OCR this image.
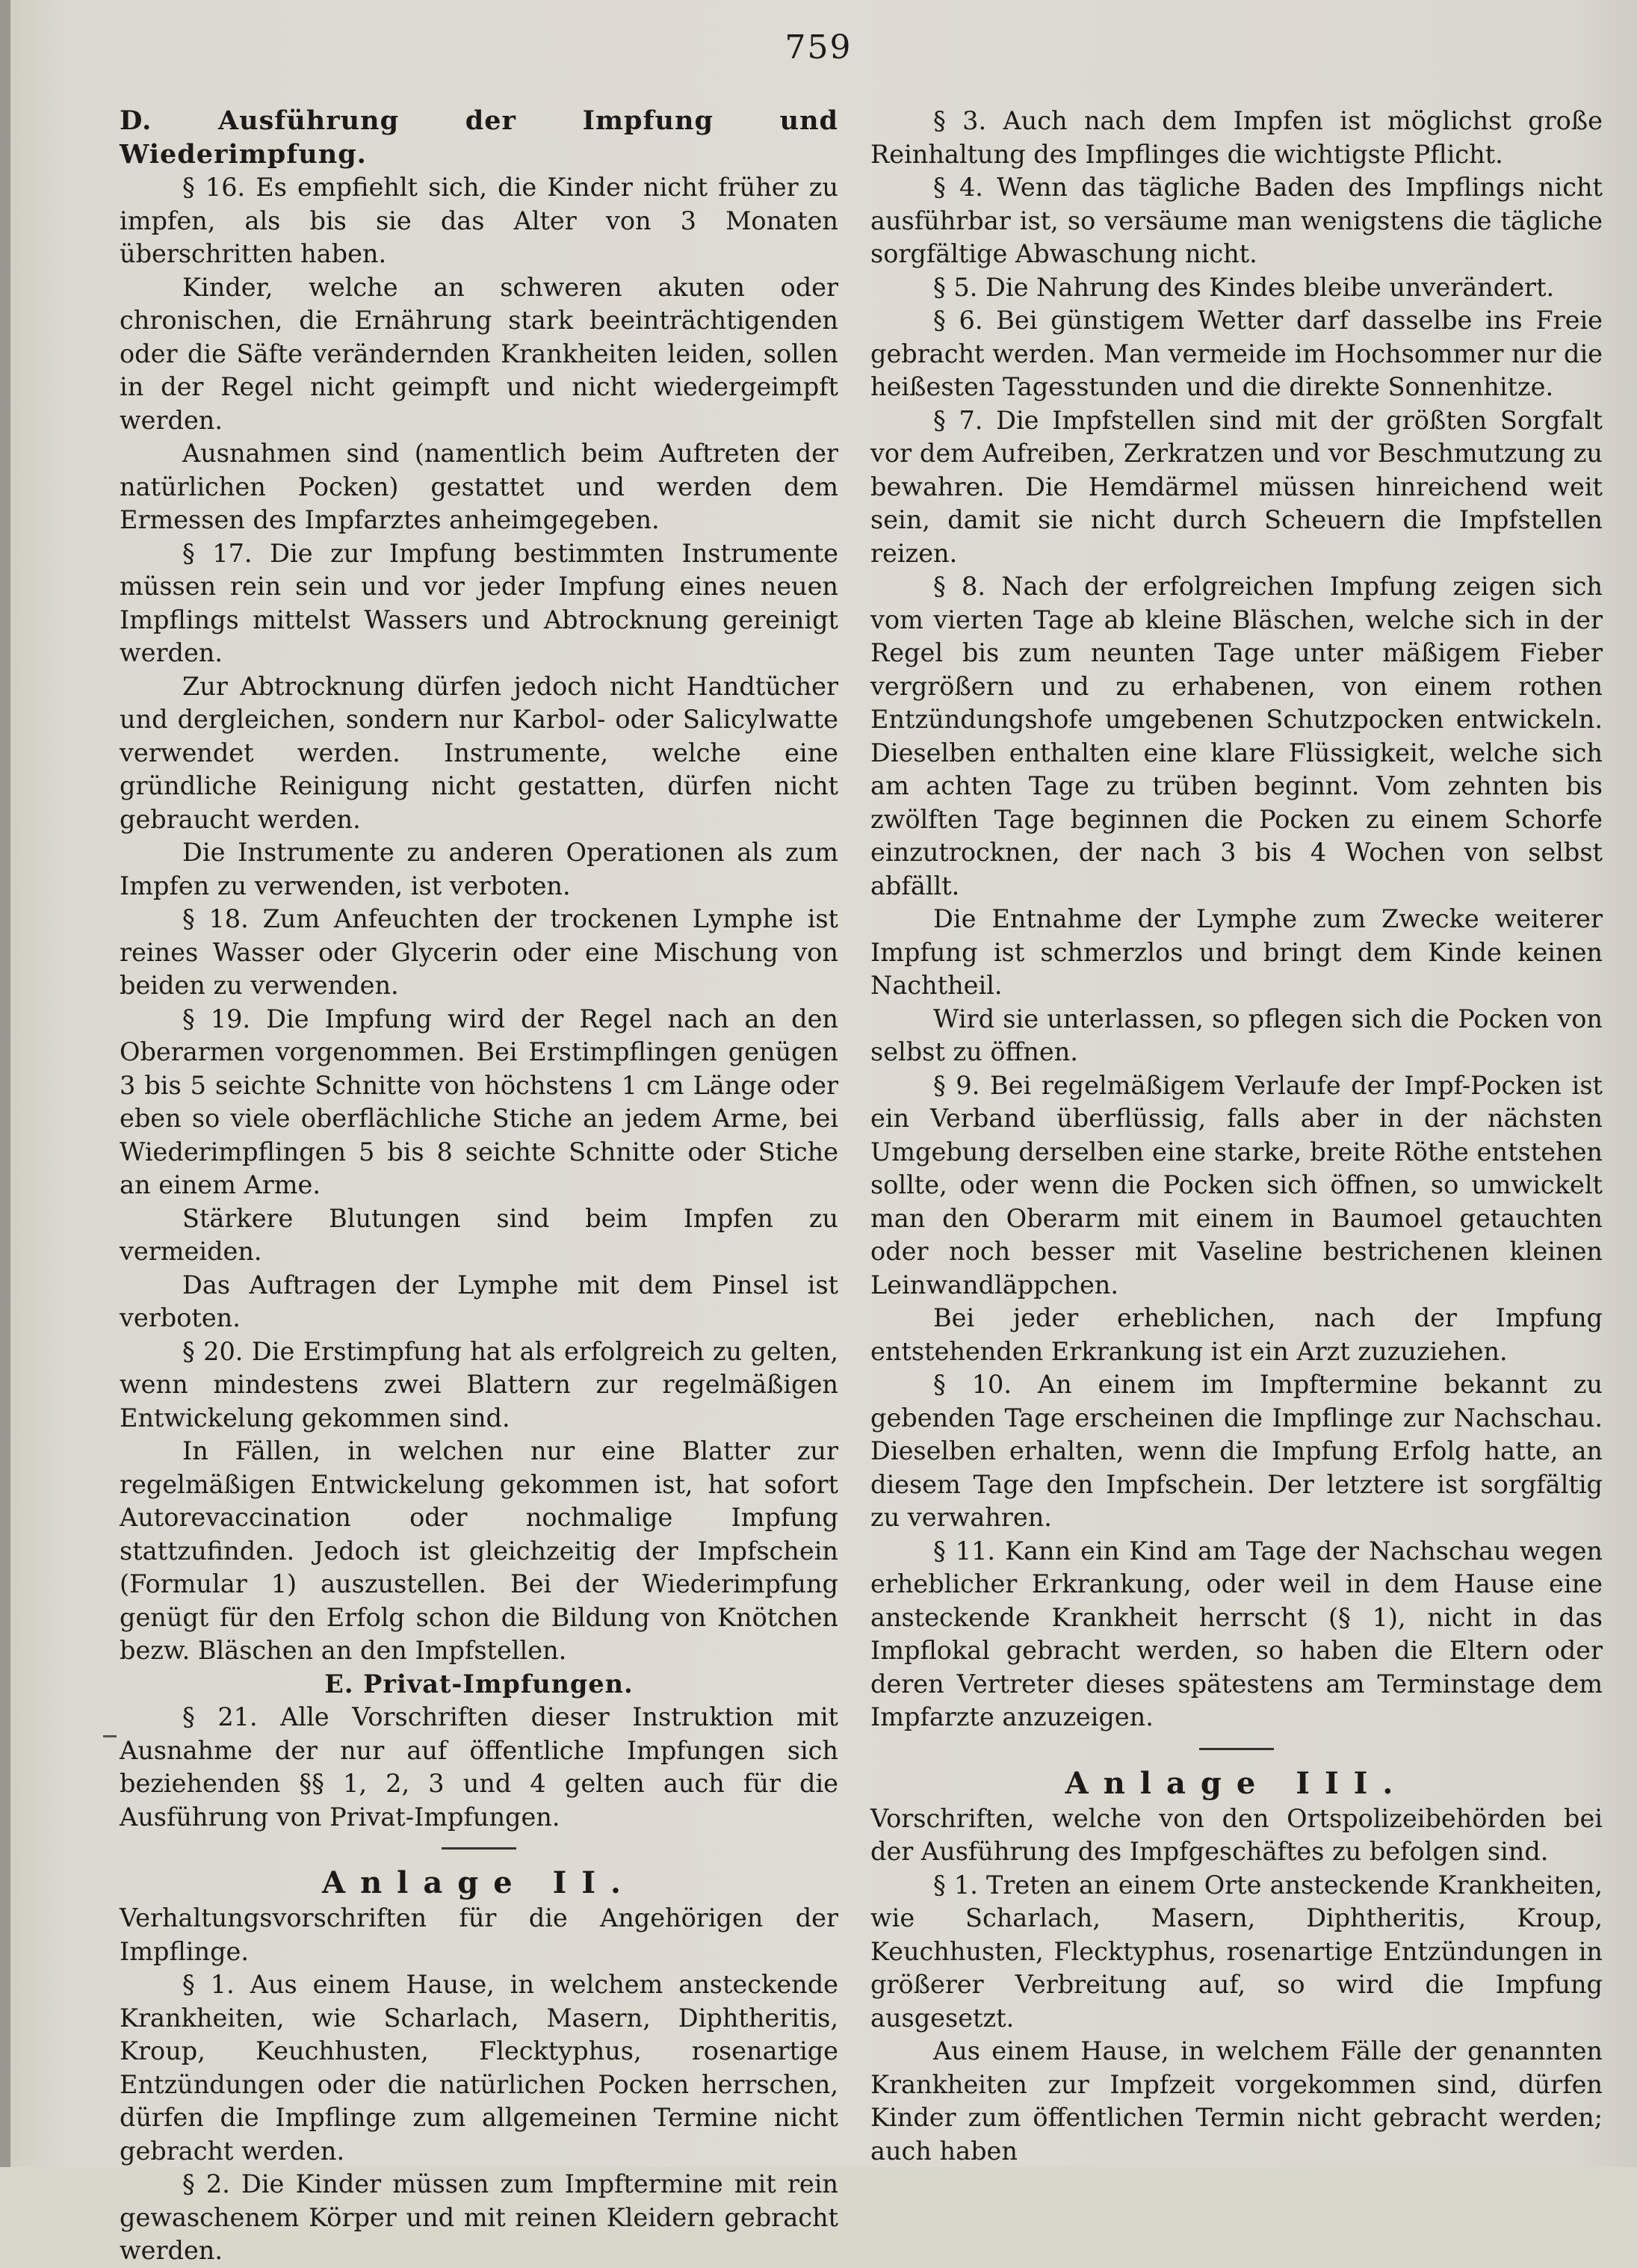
759

D. Ausführung der Impfung und Wiederimpfung.

§ 16. Es empfiehlt sich, die Kinder nicht früher zu impfen, als bis sie das Alter von 3 Monaten überschritten haben.

Kinder, welche an schweren akuten oder chronischen, die Ernährung stark beeinträchtigenden oder die Säfte verändernden Krankheiten leiden, sollen in der Regel nicht geimpft und nicht wiedergeimpft werden.

Ausnahmen sind (namentlich beim Auftreten der natürlichen Pocken) gestattet und werden dem Ermessen des Impfarztes anheimgegeben.

§ 17. Die zur Impfung bestimmten Instrumente müssen rein sein und vor jeder Impfung eines neuen Impflings mittelst Wassers und Abtrocknung gereinigt werden.

Zur Abtrocknung dürfen jedoch nicht Handtücher und dergleichen, sondern nur Karbol- oder Salicylwatte verwendet werden. Instrumente, welche eine gründliche Reinigung nicht gestatten, dürfen nicht gebraucht werden.

Die Instrumente zu anderen Operationen als zum Impfen zu verwenden, ist verboten.

§ 18. Zum Anfeuchten der trockenen Lymphe ist reines Wasser oder Glycerin oder eine Mischung von beiden zu verwenden.

§ 19. Die Impfung wird der Regel nach an den Oberarmen vorgenommen. Bei Erstimpflingen genügen 3 bis 5 seichte Schnitte von höchstens 1 cm Länge oder eben so viele oberflächliche Stiche an jedem Arme, bei Wiederimpflingen 5 bis 8 seichte Schnitte oder Stiche an einem Arme.

Stärkere Blutungen sind beim Impfen zu vermeiden.

Das Auftragen der Lymphe mit dem Pinsel ist verboten.

§ 20. Die Erstimpfung hat als erfolgreich zu gelten, wenn mindestens zwei Blattern zur regelmäßigen Entwickelung gekommen sind.

In Fällen, in welchen nur eine Blatter zur regelmäßigen Entwickelung gekommen ist, hat sofort Autorevaccination oder nochmalige Impfung stattzufinden. Jedoch ist gleichzeitig der Impfschein (Formular 1) auszustellen. Bei der Wiederimpfung genügt für den Erfolg schon die Bildung von Knötchen bezw. Bläschen an den Impfstellen.

E. Privat-Impfungen.

§ 21. Alle Vorschriften dieser Instruktion mit Ausnahme der nur auf öffentliche Impfungen sich beziehenden §§ 1, 2, 3 und 4 gelten auch für die Ausführung von Privat-Impfungen.

Anlage II.

Verhaltungsvorschriften für die Angehörigen der Impflinge.

§ 1. Aus einem Hause, in welchem ansteckende Krankheiten, wie Scharlach, Masern, Diphtheritis, Kroup, Keuchhusten, Flecktyphus, rosenartige Entzündungen oder die natürlichen Pocken herrschen, dürfen die Impflinge zum allgemeinen Termine nicht gebracht werden.

§ 2. Die Kinder müssen zum Impftermine mit rein gewaschenem Körper und mit reinen Kleidern gebracht werden.

§ 3. Auch nach dem Impfen ist möglichst große Reinhaltung des Impflinges die wichtigste Pflicht.

§ 4. Wenn das tägliche Baden des Impflings nicht ausführbar ist, so versäume man wenigstens die tägliche sorgfältige Abwaschung nicht.

§ 5. Die Nahrung des Kindes bleibe unverändert.

§ 6. Bei günstigem Wetter darf dasselbe ins Freie gebracht werden. Man vermeide im Hochsommer nur die heißesten Tagesstunden und die direkte Sonnenhitze.

§ 7. Die Impfstellen sind mit der größten Sorgfalt vor dem Aufreiben, Zerkratzen und vor Beschmutzung zu bewahren. Die Hemdärmel müssen hinreichend weit sein, damit sie nicht durch Scheuern die Impfstellen reizen.

§ 8. Nach der erfolgreichen Impfung zeigen sich vom vierten Tage ab kleine Bläschen, welche sich in der Regel bis zum neunten Tage unter mäßigem Fieber vergrößern und zu erhabenen, von einem rothen Entzündungshofe umgebenen Schutzpocken entwickeln. Dieselben enthalten eine klare Flüssigkeit, welche sich am achten Tage zu trüben beginnt. Vom zehnten bis zwölften Tage beginnen die Pocken zu einem Schorfe einzutrocknen, der nach 3 bis 4 Wochen von selbst abfällt.

Die Entnahme der Lymphe zum Zwecke weiterer Impfung ist schmerzlos und bringt dem Kinde keinen Nachtheil.

Wird sie unterlassen, so pflegen sich die Pocken von selbst zu öffnen.

§ 9. Bei regelmäßigem Verlaufe der Impf-Pocken ist ein Verband überflüssig, falls aber in der nächsten Umgebung derselben eine starke, breite Röthe entstehen sollte, oder wenn die Pocken sich öffnen, so umwickelt man den Oberarm mit einem in Baumoel getauchten oder noch besser mit Vaseline bestrichenen kleinen Leinwandläppchen.

Bei jeder erheblichen, nach der Impfung entstehenden Erkrankung ist ein Arzt zuzuziehen.

§ 10. An einem im Impftermine bekannt zu gebenden Tage erscheinen die Impflinge zur Nachschau. Dieselben erhalten, wenn die Impfung Erfolg hatte, an diesem Tage den Impfschein. Der letztere ist sorgfältig zu verwahren.

§ 11. Kann ein Kind am Tage der Nachschau wegen erheblicher Erkrankung, oder weil in dem Hause eine ansteckende Krankheit herrscht (§ 1), nicht in das Impflokal gebracht werden, so haben die Eltern oder deren Vertreter dieses spätestens am Terminstage dem Impfarzte anzuzeigen.

Anlage III.

Vorschriften, welche von den Ortspolizeibehörden bei der Ausführung des Impfgeschäftes zu befolgen sind.

§ 1. Treten an einem Orte ansteckende Krankheiten, wie Scharlach, Masern, Diphtheritis, Kroup, Keuchhusten, Flecktyphus, rosenartige Entzündungen in größerer Verbreitung auf, so wird die Impfung ausgesetzt.

Aus einem Hause, in welchem Fälle der genannten Krankheiten zur Impfzeit vorgekommen sind, dürfen Kinder zum öffentlichen Termin nicht gebracht werden; auch haben
